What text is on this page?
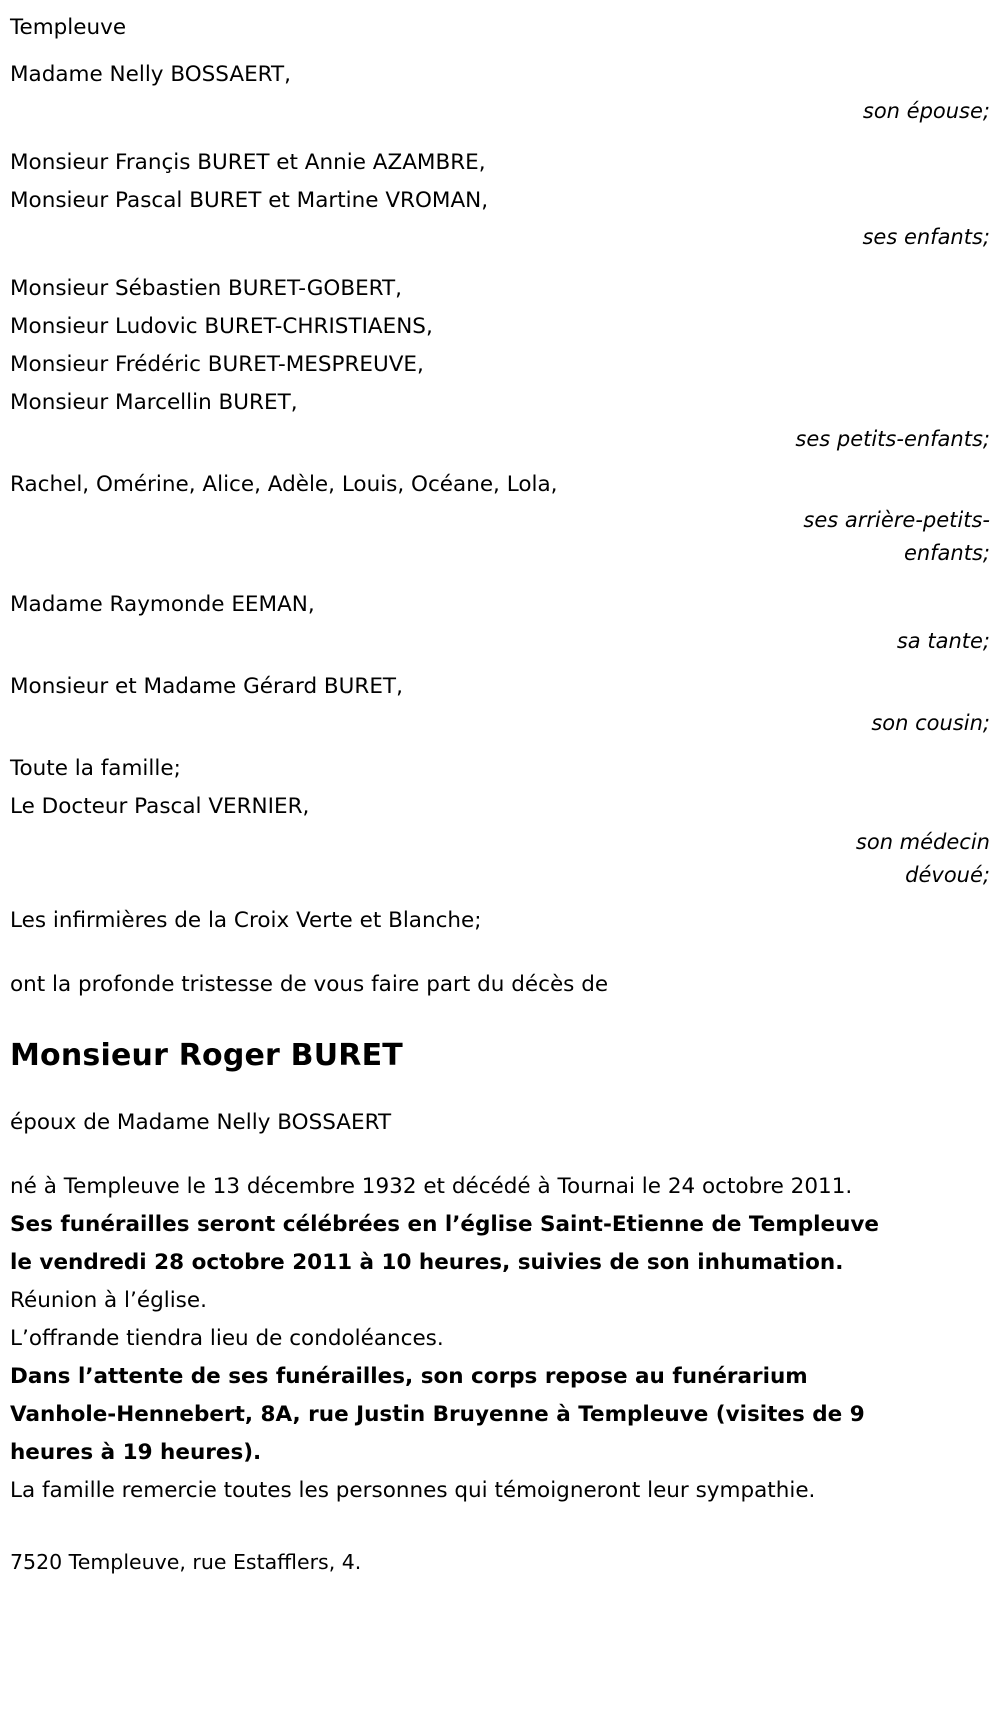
Templeuve
Madame Nelly BOSSAERT,
son épouse;
Monsieur Françis BURET et Annie AZAMBRE,
Monsieur Pascal BURET et Martine VROMAN,
ses enfants;
Monsieur Sébastien BURET-GOBERT,
Monsieur Ludovic BURET-CHRISTIAENS,
Monsieur Frédéric BURET-MESPREUVE,
Monsieur Marcellin BURET,
ses petits-enfants;
Rachel, Omérine, Alice, Adèle, Louis, Océane, Lola,
ses arrière-petits-
enfants;
Madame Raymonde EEMAN,
sa tante;
Monsieur et Madame Gérard BURET,
son cousin;
Toute la famille;
Le Docteur Pascal VERNIER,
son médecin
dévoué;
Les infirmières de la Croix Verte et Blanche;
ont la profonde tristesse de vous faire part du décès de
Monsieur Roger BURET
époux de Madame Nelly BOSSAERT
né à Templeuve le 13 décembre 1932 et décédé à Tournai le 24 octobre 2011.
Ses funérailles seront célébrées en l’église Saint-Etienne de Templeuve le vendredi 28 octobre 2011 à 10 heures, suivies de son inhumation.
Réunion à l’église.
L’offrande tiendra lieu de condoléances.
Dans l’attente de ses funérailles, son corps repose au funérarium Vanhole-Hennebert, 8A, rue Justin Bruyenne à Templeuve (visites de 9 heures à 19 heures).
La famille remercie toutes les personnes qui témoigneront leur sympathie.
7520 Templeuve, rue Estafflers, 4.
